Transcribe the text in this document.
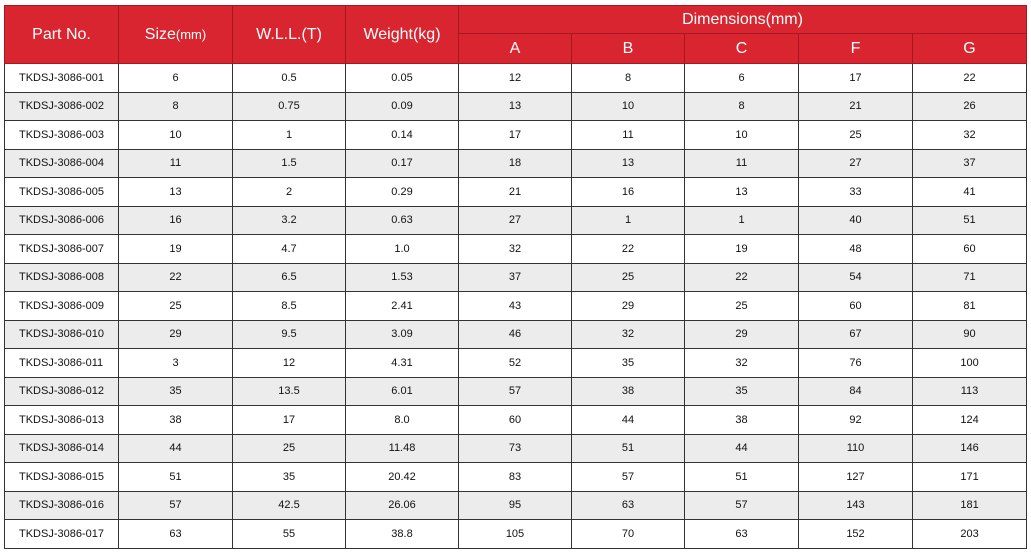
Part No.	Size(mm)	W.L.L.(T)	Weight(kg)	Dimensions(mm)				
				A	B	C	F	G
TKDSJ-3086-001	6	0.5	0.05	12	8	6	17	22
TKDSJ-3086-002	8	0.75	0.09	13	10	8	21	26
TKDSJ-3086-003	10	1	0.14	17	11	10	25	32
TKDSJ-3086-004	11	1.5	0.17	18	13	11	27	37
TKDSJ-3086-005	13	2	0.29	21	16	13	33	41
TKDSJ-3086-006	16	3.2	0.63	27	1	1	40	51
TKDSJ-3086-007	19	4.7	1.0	32	22	19	48	60
TKDSJ-3086-008	22	6.5	1.53	37	25	22	54	71
TKDSJ-3086-009	25	8.5	2.41	43	29	25	60	81
TKDSJ-3086-010	29	9.5	3.09	46	32	29	67	90
TKDSJ-3086-011	3	12	4.31	52	35	32	76	100
TKDSJ-3086-012	35	13.5	6.01	57	38	35	84	113
TKDSJ-3086-013	38	17	8.0	60	44	38	92	124
TKDSJ-3086-014	44	25	11.48	73	51	44	110	146
TKDSJ-3086-015	51	35	20.42	83	57	51	127	171
TKDSJ-3086-016	57	42.5	26.06	95	63	57	143	181
TKDSJ-3086-017	63	55	38.8	105	70	63	152	203
